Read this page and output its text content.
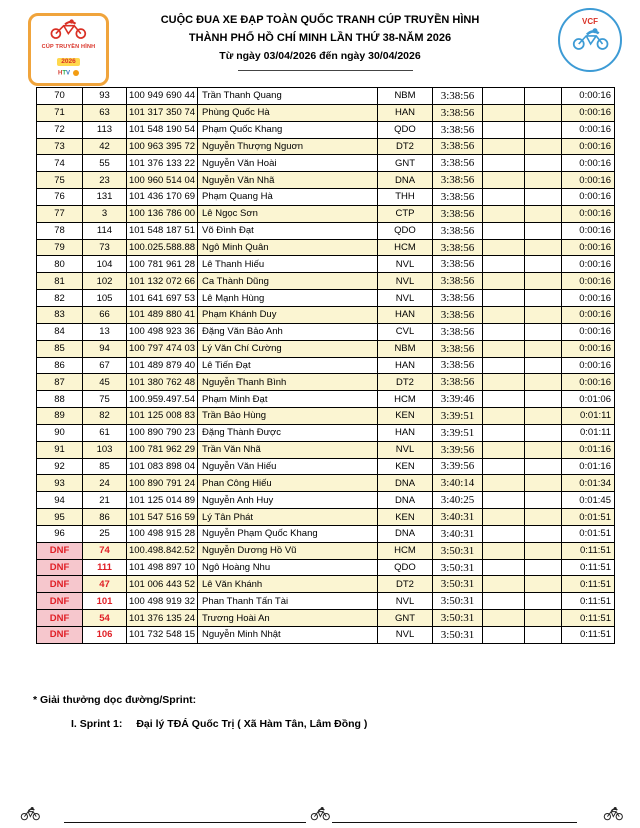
CÚP TRUYỀN HÌNH
2026
HTV
CUỘC ĐUA XE ĐẠP TOÀN QUỐC TRANH CÚP TRUYỀN HÌNH
THÀNH PHỐ HỒ CHÍ MINH LẦN THỨ 38-NĂM 2026
Từ ngày 03/04/2026 đến ngày 30/04/2026
VCF
70	93	100 949 690 44 Trần Thanh Quang	NBM	3:38:56	0:00:16
71	63	101 317 350 74 Phùng Quốc Hà	HAN	3:38:56	0:00:16
72	113	101 548 190 54 Phạm Quốc Khang	QDO	3:38:56	0:00:16
73	42	100 963 395 72 Nguyễn Thượng Nguơn	DT2	3:38:56	0:00:16
74	55	101 376 133 22 Nguyễn Văn Hoài	GNT	3:38:56	0:00:16
75	23	100 960 514 04 Nguyễn Văn Nhã	DNA	3:38:56	0:00:16
76	131	101 436 170 69 Phạm Quang Hà	THH	3:38:56	0:00:16
77	3	100 136 786 00 Lê Ngọc Sơn	CTP	3:38:56	0:00:16
78	114	101 548 187 51 Võ Đình Đạt	QDO	3:38:56	0:00:16
79	73	100.025.588.88 Ngô Minh Quân	HCM	3:38:56	0:00:16
80	104	100 781 961 28 Lê Thanh Hiếu	NVL	3:38:56	0:00:16
81	102	101 132 072 66 Ca Thành Dũng	NVL	3:38:56	0:00:16
82	105	101 641 697 53 Lê Mạnh Hùng	NVL	3:38:56	0:00:16
83	66	101 489 880 41 Phạm Khánh Duy	HAN	3:38:56	0:00:16
84	13	100 498 923 36 Đặng Văn Bảo Anh	CVL	3:38:56	0:00:16
85	94	100 797 474 03 Lý Văn Chí Cường	NBM	3:38:56	0:00:16
86	67	101 489 879 40 Lê Tiến Đạt	HAN	3:38:56	0:00:16
87	45	101 380 762 48 Nguyễn Thanh Bình	DT2	3:38:56	0:00:16
88	75	100.959.497.54 Phạm Minh Đạt	HCM	3:39:46	0:01:06
89	82	101 125 008 83 Trần Bảo Hùng	KEN	3:39:51	0:01:11
90	61	100 890 790 23 Đặng Thành Được	HAN	3:39:51	0:01:11
91	103	100 781 962 29 Trần Văn Nhã	NVL	3:39:56	0:01:16
92	85	101 083 898 04 Nguyễn Văn Hiếu	KEN	3:39:56	0:01:16
93	24	100 890 791 24 Phan Công Hiếu	DNA	3:40:14	0:01:34
94	21	101 125 014 89 Nguyễn Anh Huy	DNA	3:40:25	0:01:45
95	86	101 547 516 59 Lý Tân Phát	KEN	3:40:31	0:01:51
96	25	100 498 915 28 Nguyễn Phạm Quốc Khang	DNA	3:40:31	0:01:51
DNF	74	100.498.842.52 Nguyễn Dương Hồ Vũ	HCM	3:50:31	0:11:51
DNF	111	101 498 897 10 Ngô Hoàng Nhu	QDO	3:50:31	0:11:51
DNF	47	101 006 443 52 Lê Văn Khánh	DT2	3:50:31	0:11:51
DNF	101	100 498 919 32 Phan Thanh Tấn Tài	NVL	3:50:31	0:11:51
DNF	54	101 376 135 24 Trương Hoài An	GNT	3:50:31	0:11:51
DNF	106	101 732 548 15 Nguyễn Minh Nhật	NVL	3:50:31	0:11:51
* Giải thưởng dọc đường/Sprint:
I. Sprint 1: Đại lý TĐÁ Quốc Trị ( Xã Hàm Tân, Lâm Đồng )
